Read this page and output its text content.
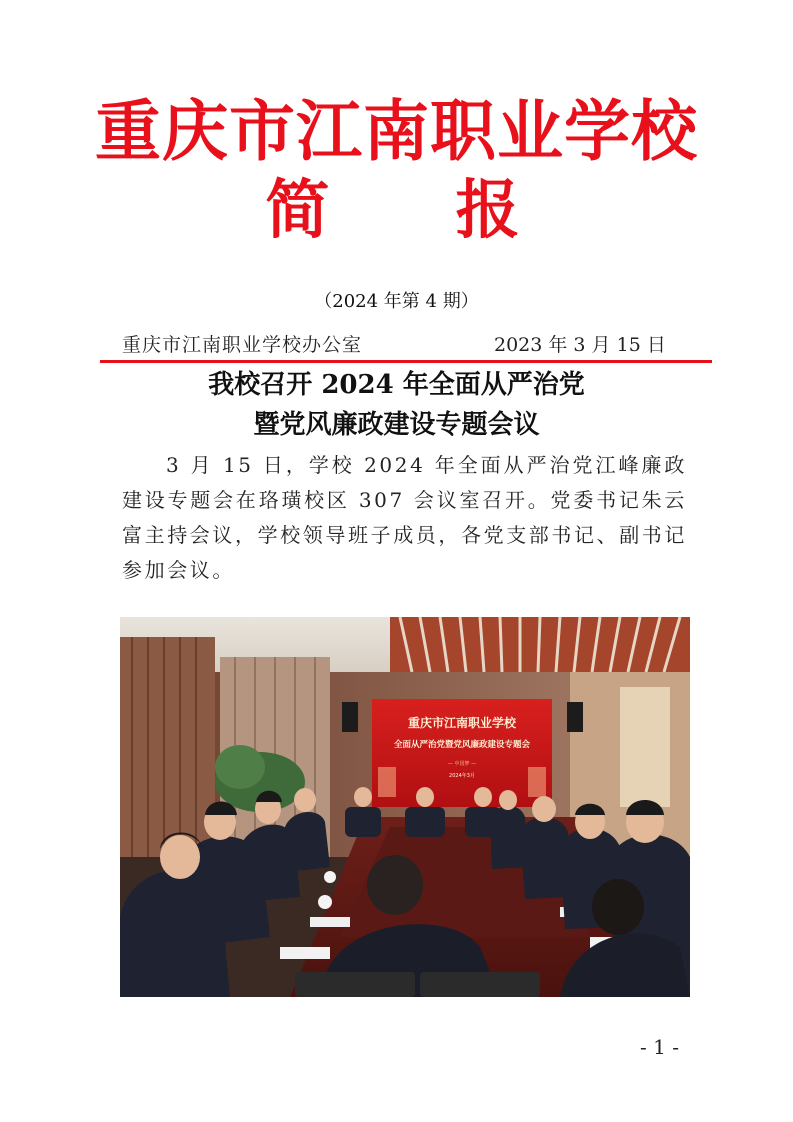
重庆市江南职业学校
简 报
（2024 年第 4 期）
重庆市江南职业学校办公室	2023 年 3 月 15 日
我校召开 2024 年全面从严治党
暨党风廉政建设专题会议
3 月 15 日，学校 2024 年全面从严治党江峰廉政建设专题会在珞璜校区 307 会议室召开。党委书记朱云富主持会议，学校领导班子成员，各党支部书记、副书记参加会议。
重庆市江南职业学校
全面从严治党暨党风廉政建设专题会
— 中国梦 —
2024年3月
- 1 -
